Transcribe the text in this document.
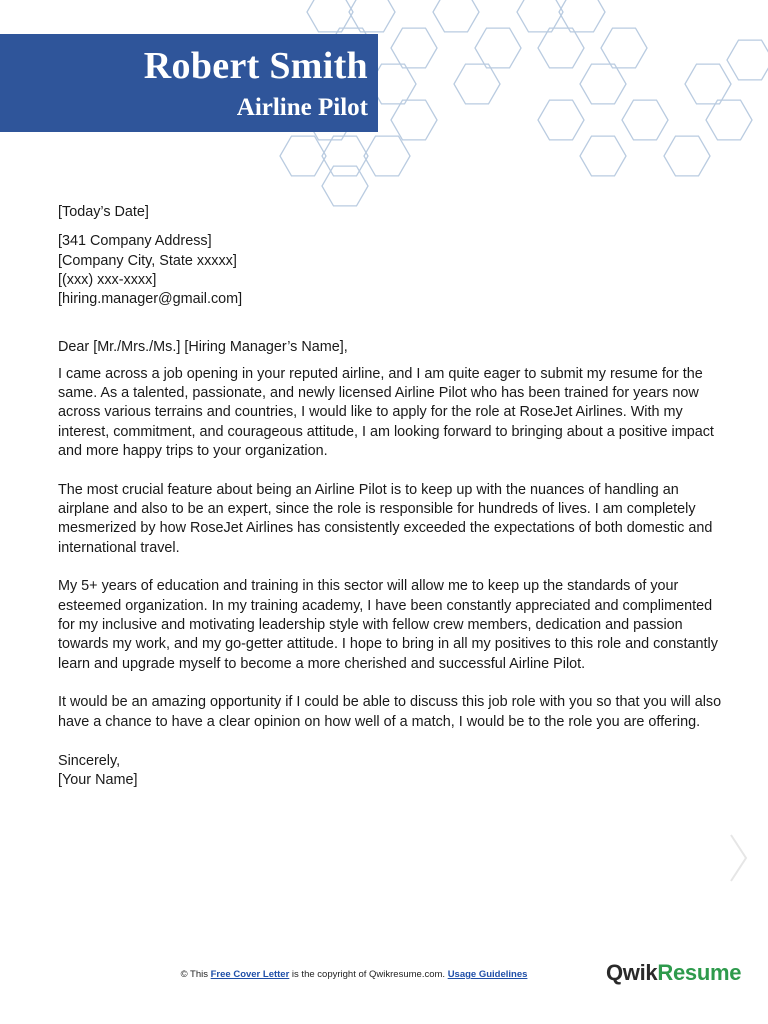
Robert Smith
Airline Pilot

[Today’s Date]

[341 Company Address]

[Company City, State xxxxx]

[(xxx) xxx-xxxx]

[hiring.manager@gmail.com]

Dear [Mr./Mrs./Ms.] [Hiring Manager’s Name],

I came across a job opening in your reputed airline, and I am quite eager to submit my resume for the same. As a talented, passionate, and newly licensed Airline Pilot who has been trained for years now across various terrains and countries, I would like to apply for the role at RoseJet Airlines. With my interest, commitment, and courageous attitude, I am looking forward to bringing about a positive impact and more happy trips to your organization.

The most crucial feature about being an Airline Pilot is to keep up with the nuances of handling an airplane and also to be an expert, since the role is responsible for hundreds of lives. I am completely mesmerized by how RoseJet Airlines has consistently exceeded the expectations of both domestic and international travel.

My 5+ years of education and training in this sector will allow me to keep up the standards of your esteemed organization. In my training academy, I have been constantly appreciated and complimented for my inclusive and motivating leadership style with fellow crew members, dedication and passion towards my work, and my go-getter attitude. I hope to bring in all my positives to this role and constantly learn and upgrade myself to become a more cherished and successful Airline Pilot.

It would be an amazing opportunity if I could be able to discuss this job role with you so that you will also have a chance to have a clear opinion on how well of a match, I would be to the role you are offering.

Sincerely,

[Your Name]

© This Free Cover Letter is the copyright of Qwikresume.com. Usage Guidelines	QwikResume
